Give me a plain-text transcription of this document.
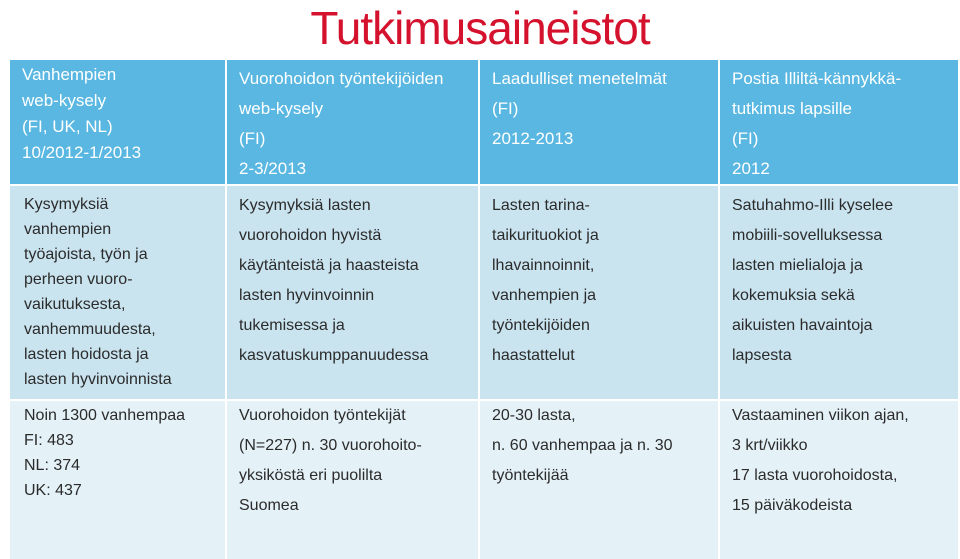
Tutkimusaineistot
Vanhempien
web-kysely
(FI, UK, NL)
10/2012-1/2013
Vuorohoidon työntekijöiden
web-kysely
(FI)
2-3/2013
Laadulliset menetelmät
(FI)
2012-2013
Postia Illiltä-kännykkä-
tutkimus lapsille
(FI)
2012
Kysymyksiä
vanhempien
työajoista, työn ja
perheen vuoro-
vaikutuksesta,
vanhemmuudesta,
lasten hoidosta ja
lasten hyvinvoinnista
Kysymyksiä lasten
vuorohoidon hyvistä
käytänteistä ja haasteista
lasten hyvinvoinnin
tukemisessa ja
kasvatuskumppanuudessa
Lasten tarina-
taikurituokiot ja
lhavainnoinnit,
vanhempien ja
työntekijöiden
haastattelut
Satuhahmo-Illi kyselee
mobiili-sovelluksessa
lasten mielialoja ja
kokemuksia sekä
aikuisten havaintoja
lapsesta
Noin 1300 vanhempaa
FI: 483
NL: 374
UK: 437
Vuorohoidon työntekijät
(N=227) n. 30 vuorohoito-
yksiköstä eri puolilta
Suomea
20-30 lasta,
n. 60 vanhempaa ja n. 30
työntekijää
Vastaaminen viikon ajan,
3 krt/viikko
17 lasta vuorohoidosta,
15 päiväkodeista
